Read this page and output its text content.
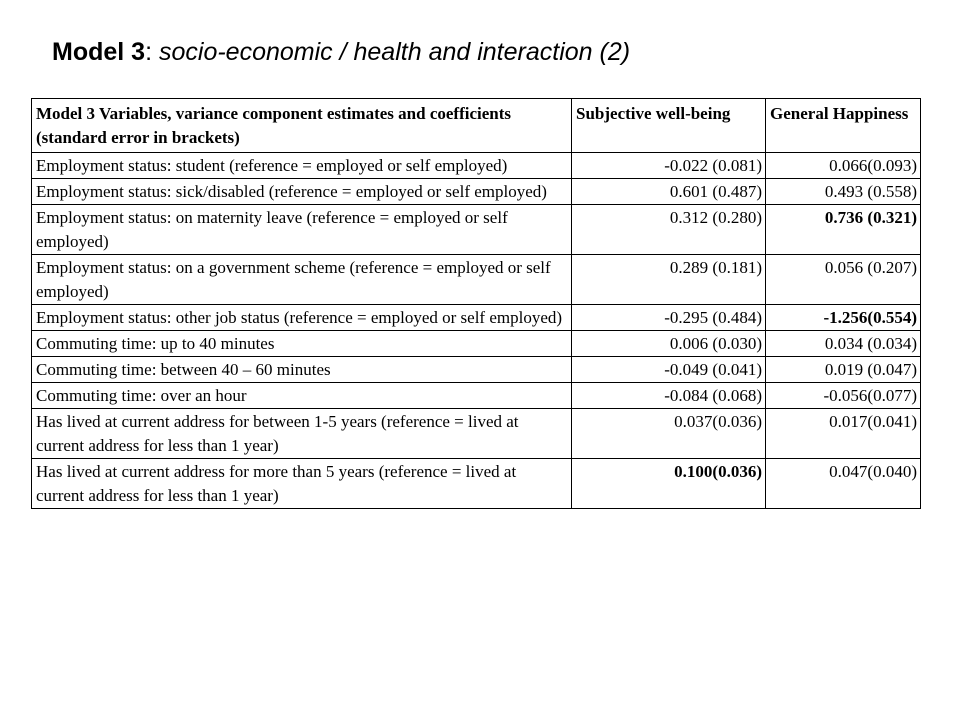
Model 3: socio-economic / health and interaction (2)
Model 3 Variables, variance component estimates and coefficients (standard error in brackets)	Subjective well-being	General Happiness
Employment status: student (reference = employed or self employed)	-0.022 (0.081)	0.066(0.093)
Employment status: sick/disabled (reference = employed or self employed)	0.601 (0.487)	0.493 (0.558)
Employment status: on maternity leave (reference = employed or self employed)	0.312 (0.280)	0.736 (0.321)
Employment status: on a government scheme (reference = employed or self employed)	0.289 (0.181)	0.056 (0.207)
Employment status: other job status (reference = employed or self employed)	-0.295 (0.484)	-1.256(0.554)
Commuting time: up to 40 minutes	0.006 (0.030)	0.034 (0.034)
Commuting time: between 40 – 60 minutes	-0.049 (0.041)	0.019 (0.047)
Commuting time: over an hour	-0.084 (0.068)	-0.056(0.077)
Has lived at current address for between 1-5 years (reference = lived at current address for less than 1 year)	0.037(0.036)	0.017(0.041)
Has lived at current address for more than 5 years (reference = lived at current address for less than 1 year)	0.100(0.036)	0.047(0.040)
